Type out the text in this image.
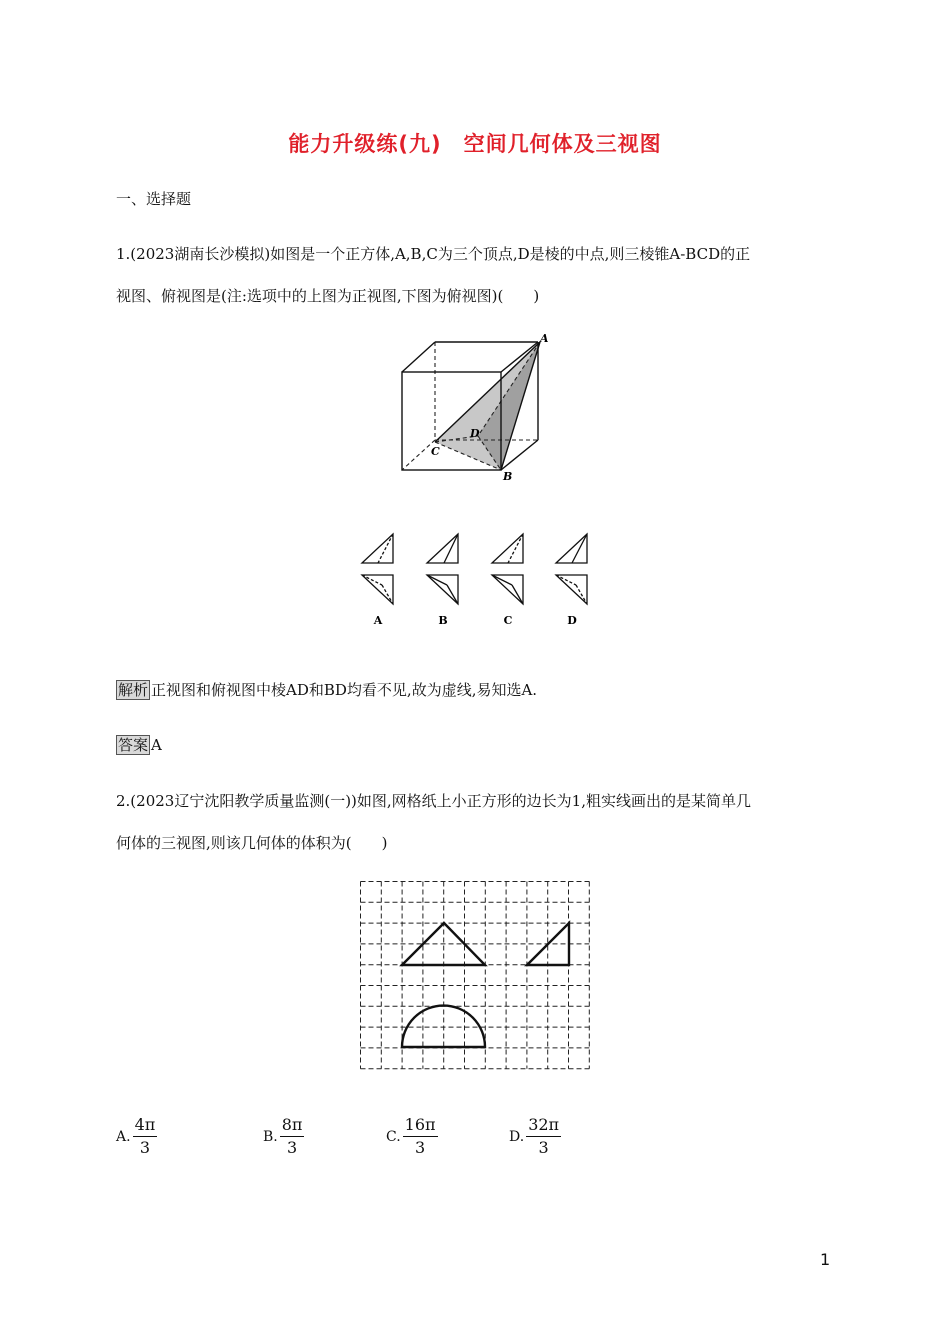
能力升级练(九)　空间几何体及三视图
一、选择题
1.(2023湖南长沙模拟)如图是一个正方体,A,B,C为三个顶点,D是棱的中点,则三棱锥A-BCD的正
视图、俯视图是(注:选项中的上图为正视图,下图为俯视图)(　　)
A
B
C
D
A	B	C	D
解析 正视图和俯视图中棱AD和BD均看不见,故为虚线,易知选A.
答案 A
2.(2023辽宁沈阳教学质量监测(一))如图,网格纸上小正方形的边长为1,粗实线画出的是某简单几
何体的三视图,则该几何体的体积为(　　)
A. $\frac{4\pi}{3}$	B. $\frac{8\pi}{3}$	C. $\frac{16\pi}{3}$	D. $\frac{32\pi}{3}$
1
